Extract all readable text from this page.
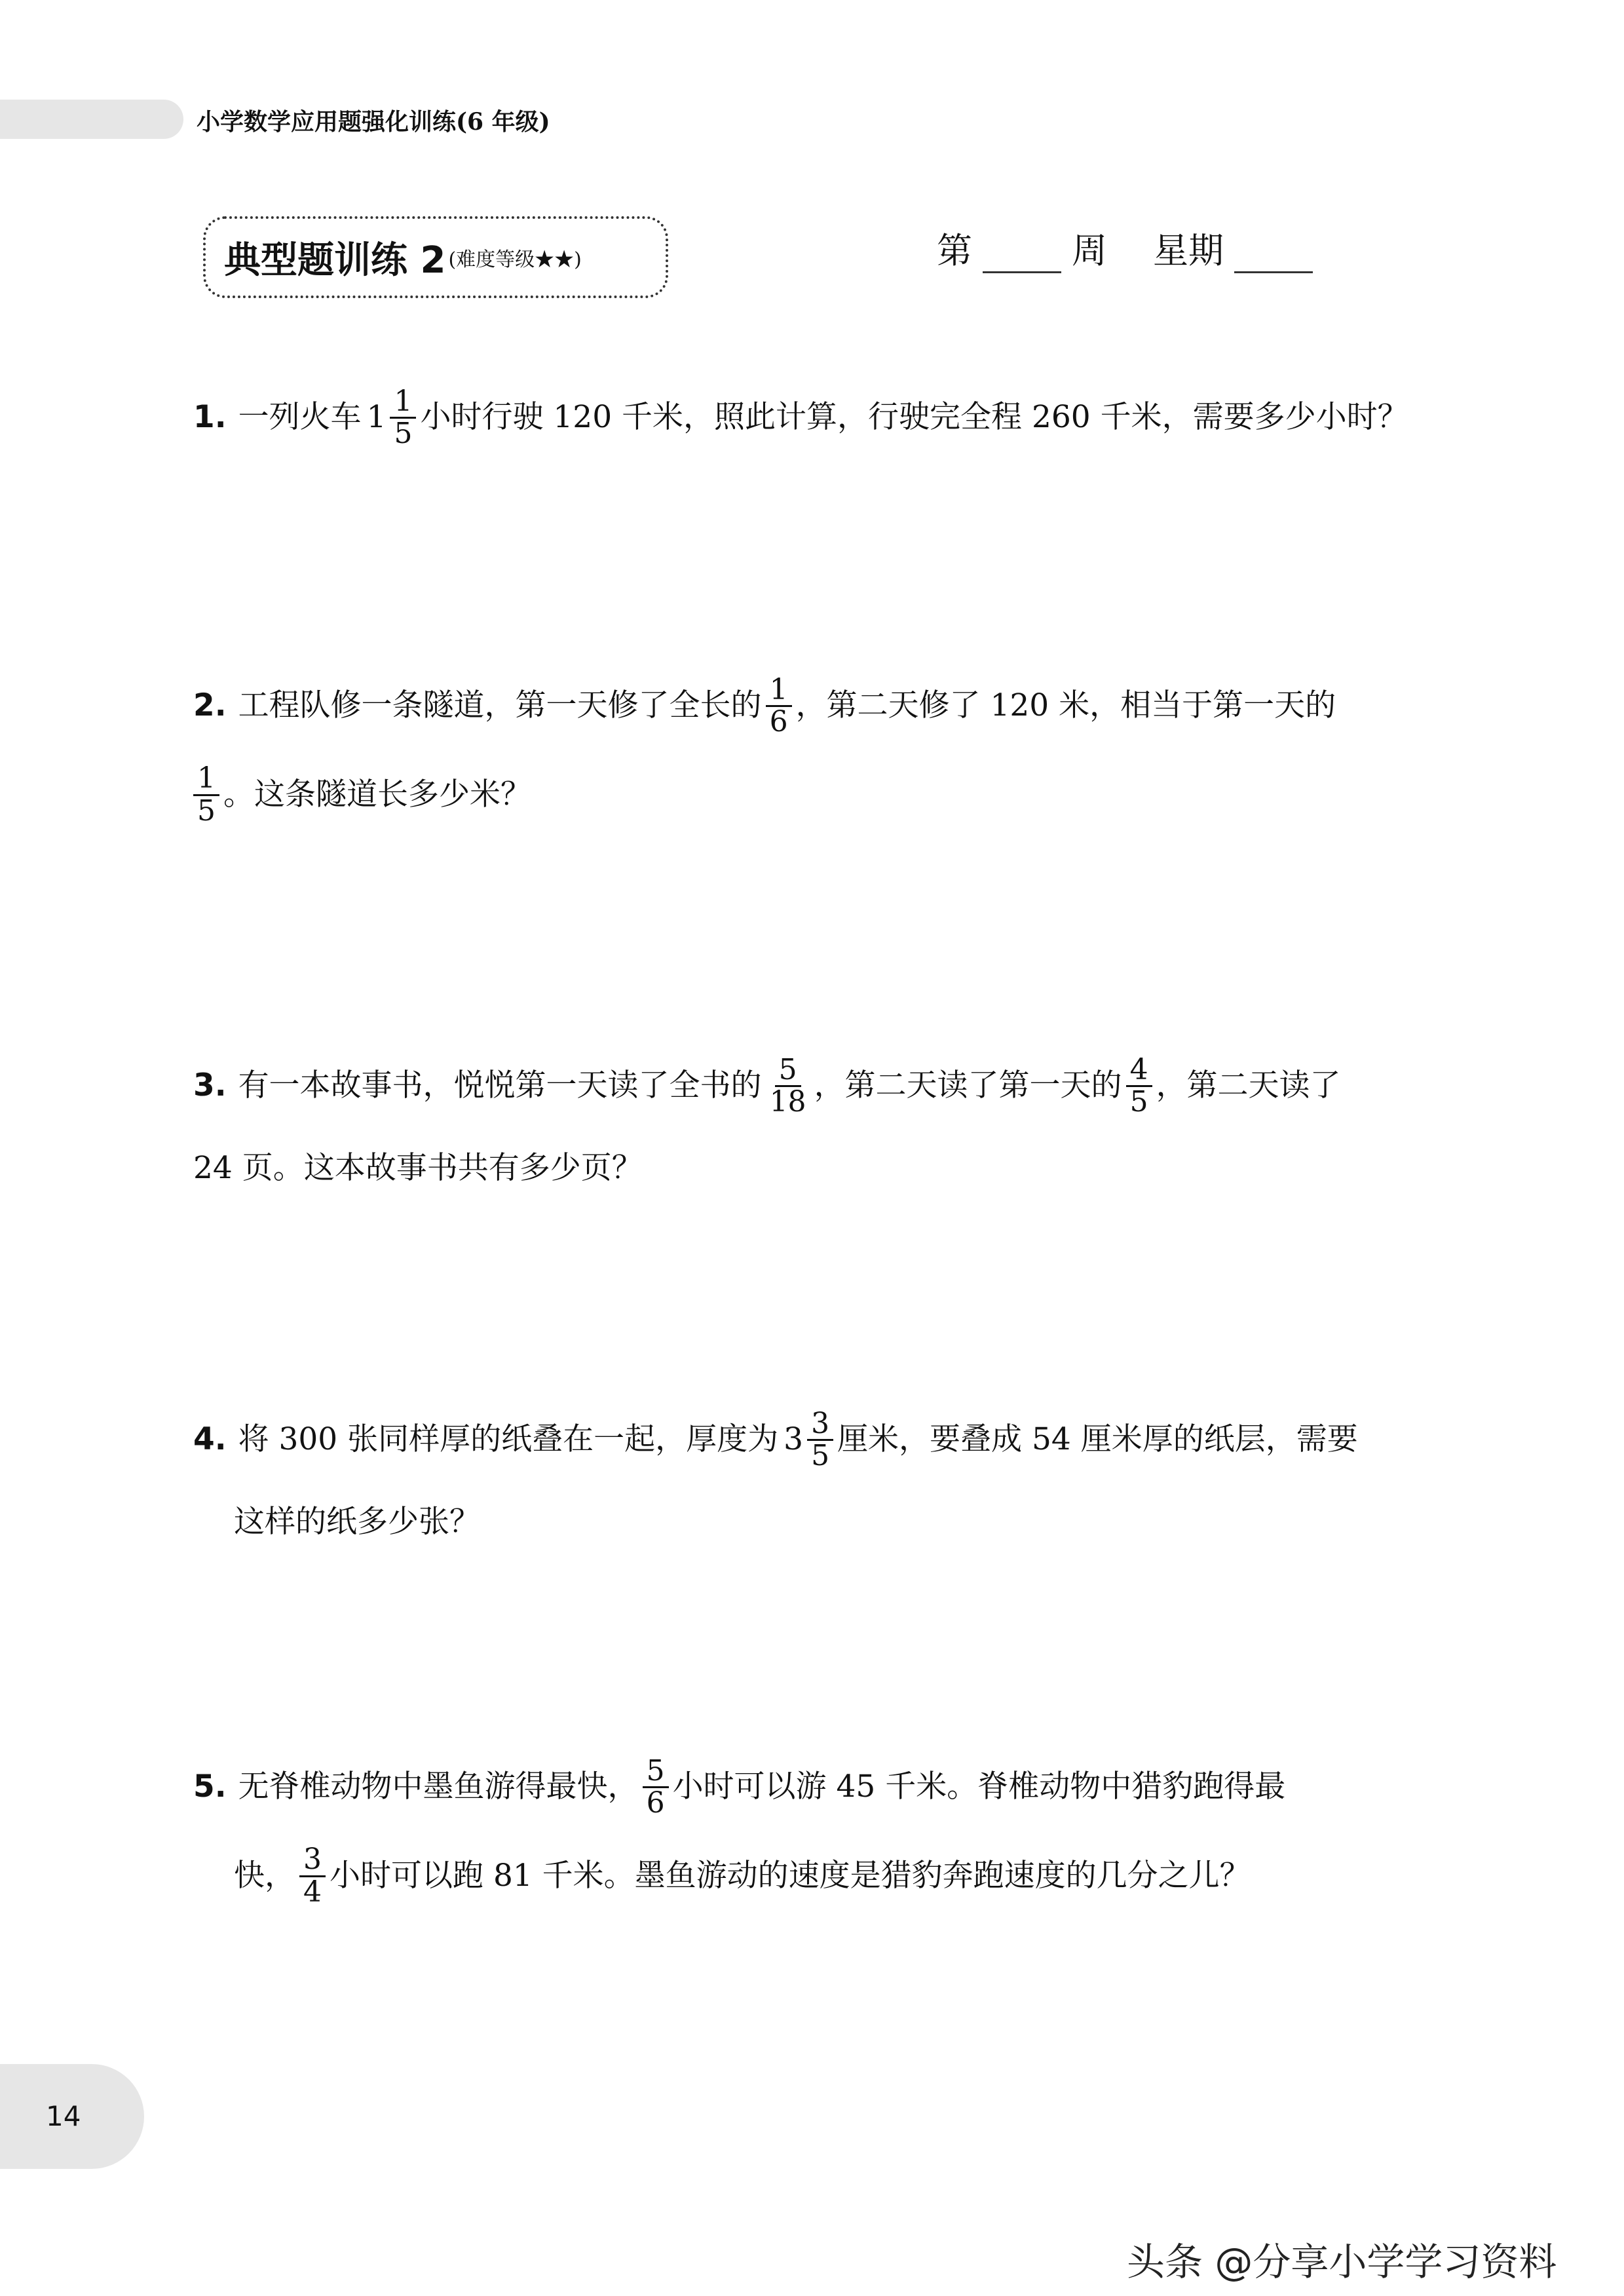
小学数学应用题强化训练(6 年级)
典型题训练 2 (难度等级★★)	第	周 星期
1. 一列火车 $1 \frac{1}{5}$ 小时行驶 120 千米，照此计算，行驶完全程 260 千米，需要多少小时？
2. 工程队修一条隧道，第一天修了全长的 $\frac{1}{6}$ ，第二天修了 120 米，相当于第一天的
$\frac{1}{5}$ 。这条隧道长多少米？
3. 有一本故事书，悦悦第一天读了全书的 $\frac{5}{18}$ ，第二天读了第一天的 $\frac{4}{5}$ ，第二天读了
24 页。这本故事书共有多少页？
4. 将 300 张同样厚的纸叠在一起，厚度为 $3 \frac{3}{5}$ 厘米，要叠成 54 厘米厚的纸层，需要
这样的纸多少张？
5. 无脊椎动物中墨鱼游得最快， $\frac{5}{6}$ 小时可以游 45 千米。脊椎动物中猎豹跑得最
快， $\frac{3}{4}$ 小时可以跑 81 千米。墨鱼游动的速度是猎豹奔跑速度的几分之儿？
14
头条 @分享小学学习资料
